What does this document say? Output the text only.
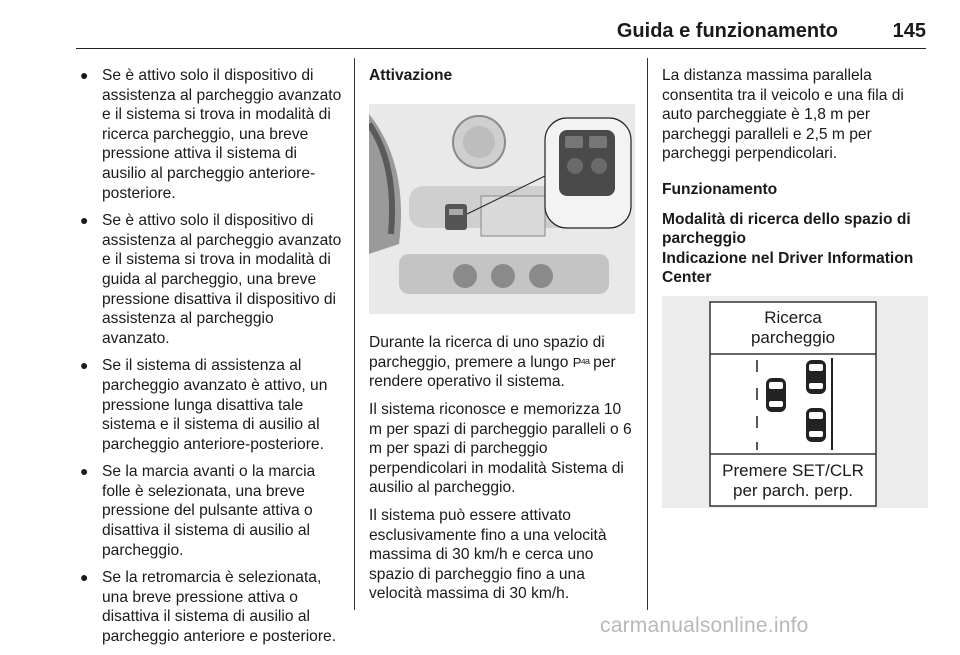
Guida e funzionamento	145
● Se è attivo solo il dispositivo di assistenza al parcheggio avanzato e il sistema si trova in modalità di ricerca parcheggio, una breve pressione attiva il sistema di ausilio al parcheggio anteriore-posteriore.
● Se è attivo solo il dispositivo di assistenza al parcheggio avanzato e il sistema si trova in modalità di guida al parcheggio, una breve pressione disattiva il dispositivo di assistenza al parcheggio avanzato.
● Se il sistema di assistenza al parcheggio avanzato è attivo, un pressione lunga disattiva tale sistema e il sistema di ausilio al parcheggio anteriore-posteriore.
● Se la marcia avanti o la marcia folle è selezionata, una breve pressione del pulsante attiva o disattiva il sistema di ausilio al parcheggio.
● Se la retromarcia è selezionata, una breve pressione attiva o disattiva il sistema di ausilio al parcheggio anteriore e posteriore.
Attivazione

Durante la ricerca di uno spazio di parcheggio, premere a lungo P⁴ᵃ per rendere operativo il sistema.

Il sistema riconosce e memorizza 10 m per spazi di parcheggio paralleli o 6 m per spazi di parcheggio perpendicolari in modalità Sistema di ausilio al parcheggio.

Il sistema può essere attivato esclusivamente fino a una velocità massima di 30 km/h e cerca uno spazio di parcheggio fino a una velocità massima di 30 km/h.

La distanza massima parallela consentita tra il veicolo e una fila di auto parcheggiate è 1,8 m per parcheggi paralleli e 2,5 m per parcheggi perpendicolari.

Funzionamento
Modalità di ricerca dello spazio di parcheggio
Indicazione nel Driver Information Center
Ricerca
parcheggio
Premere SET/CLR
per parch. perp.
carmanualsonline.info
